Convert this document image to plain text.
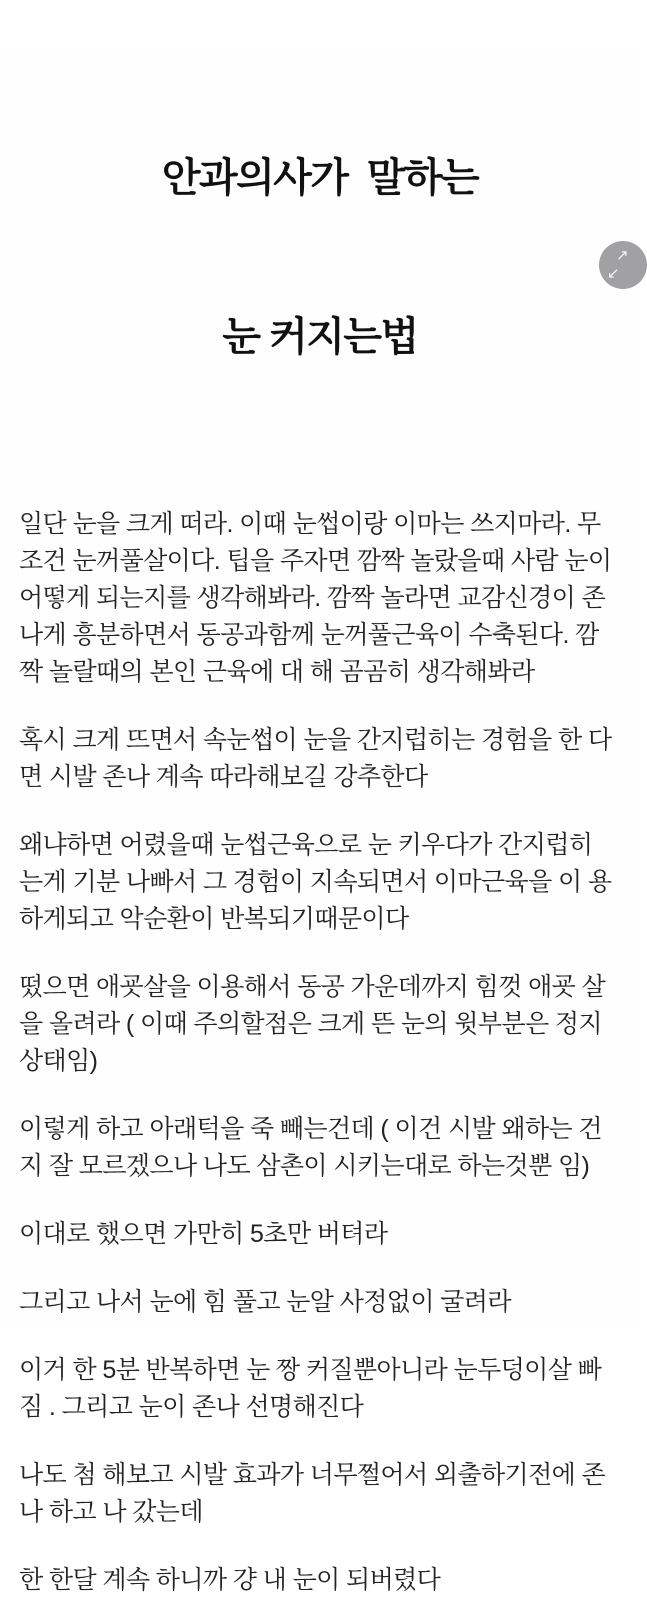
안과의사가  말하는

눈 커지는법

일단 눈을 크게 떠라. 이때 눈썹이랑 이마는 쓰지마라. 무조건 눈꺼풀살이다. 팁을 주자면 깜짝 놀랐을때 사람 눈이 어떻게 되는지를 생각해봐라. 깜짝 놀라면 교감신경이 존나게 흥분하면서 동공과함께 눈꺼풀근육이 수축된다. 깜짝 놀랄때의 본인 근육에 대 해 곰곰히 생각해봐라

혹시 크게 뜨면서 속눈썹이 눈을 간지럽히는 경험을 한 다면 시발 존나 계속 따라해보길 강추한다

왜냐하면 어렸을때 눈썹근육으로 눈 키우다가 간지럽히 는게 기분 나빠서 그 경험이 지속되면서 이마근육을 이 용하게되고 악순환이 반복되기때문이다

떴으면 애굣살을 이용해서 동공 가운데까지 힘껏 애굣 살을 올려라 ( 이때 주의할점은 크게 뜬 눈의 윗부분은 정지상태임)

이렇게 하고 아래턱을 죽 빼는건데 ( 이건 시발 왜하는 건지 잘 모르겠으나 나도 삼촌이 시키는대로 하는것뿐 임)

이대로 했으면 가만히 5초만 버텨라

그리고 나서 눈에 힘 풀고 눈알 사정없이 굴려라

이거 한 5분 반복하면 눈 짱 커질뿐아니라 눈두덩이살 빠짐 . 그리고 눈이 존나 선명해진다

나도 첨 해보고 시발 효과가 너무쩔어서 외출하기전에 존나 하고 나 갔는데

한 한달 계속 하니까 걍 내 눈이 되버렸다

↗
↙
